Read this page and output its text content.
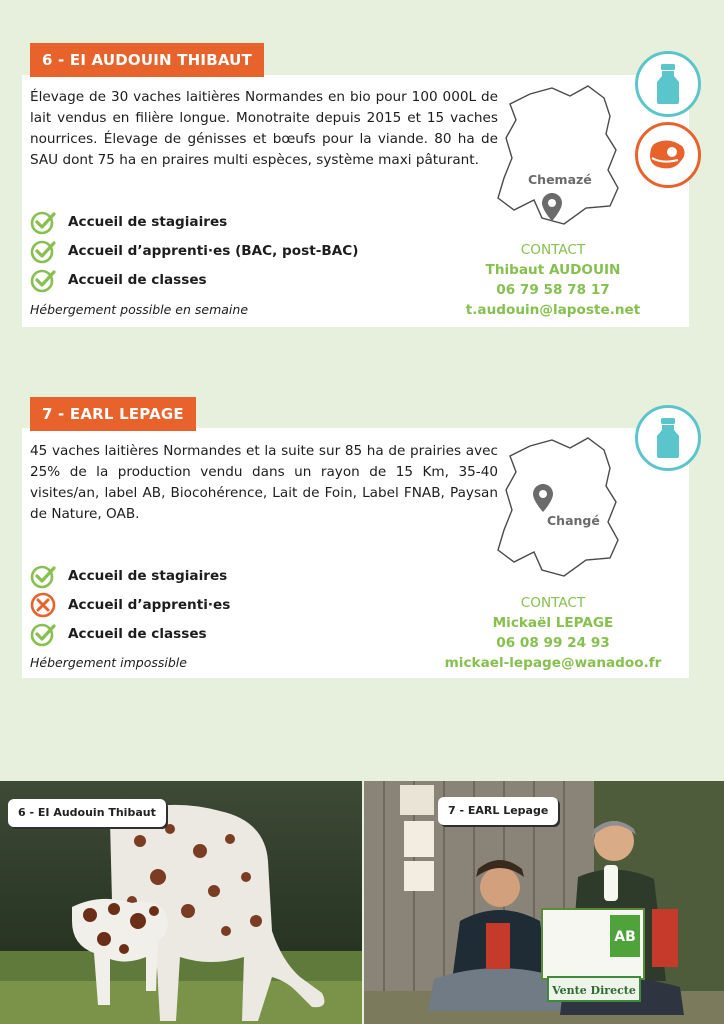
6 - EI AUDOUIN THIBAUT

Élevage de 30 vaches laitières Normandes en bio pour 100 000L de lait vendus en filière longue. Monotraite depuis 2015 et 15 vaches nourrices. Élevage de génisses et bœufs pour la viande. 80 ha de SAU dont 75 ha en praires multi espèces, système maxi pâturant.

Accueil de stagiaires
Accueil d’apprenti·es (BAC, post-BAC)
Accueil de classes
Hébergement possible en semaine
Chemazé
CONTACT
Thibaut AUDOUIN
06 79 58 78 17
t.audouin@laposte.net
7 - EARL LEPAGE

45 vaches laitières Normandes et la suite sur 85 ha de prairies avec 25% de la production vendu dans un rayon de 15 Km, 35-40 visites/an, label AB, Biocohérence, Lait de Foin, Label FNAB, Paysan de Nature, OAB.

Accueil de stagiaires
Accueil d’apprenti·es
Accueil de classes
Hébergement impossible
Changé
CONTACT
Mickaël LEPAGE
06 08 99 24 93
mickael-lepage@wanadoo.fr
6 - EI Audouin Thibaut
AB
Vente Directe
7 - EARL Lepage
